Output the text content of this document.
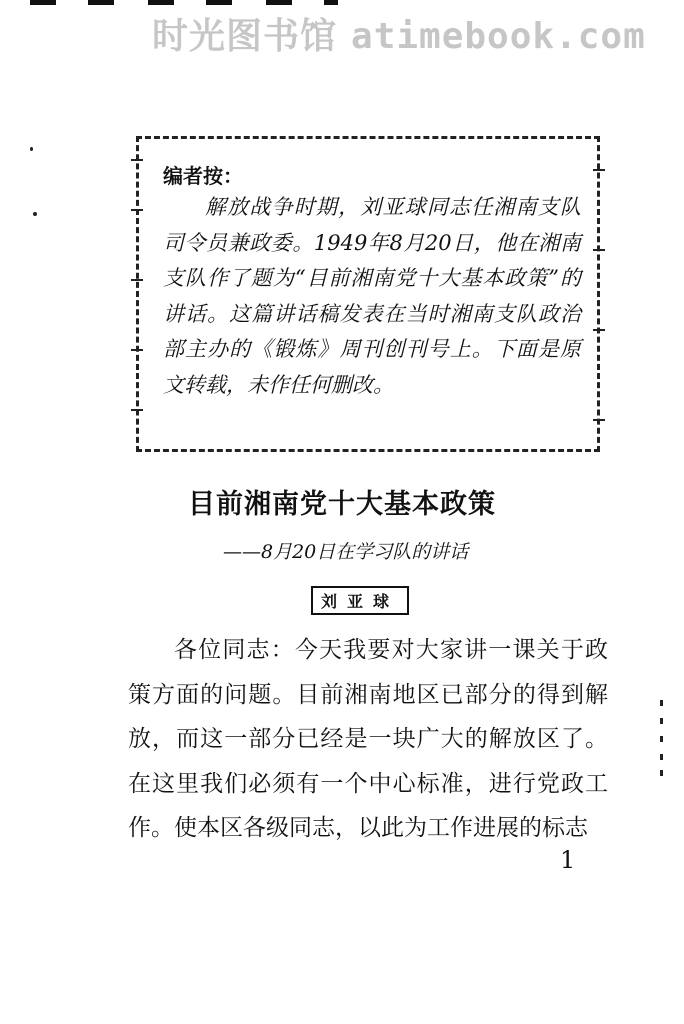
时光图书馆 atimebook.com
编者按：
解放战争时期，刘亚球同志任湘南支队司令员兼政委。1949年8月20日，他在湘南支队作了题为“目前湘南党十大基本政策”的讲话。这篇讲话稿发表在当时湘南支队政治部主办的《锻炼》周刊创刊号上。下面是原文转载，未作任何删改。
目前湘南党十大基本政策
——8月20日在学习队的讲话
刘亚球
各位同志：今天我要对大家讲一课关于政策方面的问题。目前湘南地区已部分的得到解放，而这一部分已经是一块广大的解放区了。在这里我们必须有一个中心标准，进行党政工作。使本区各级同志，以此为工作进展的标志
1
